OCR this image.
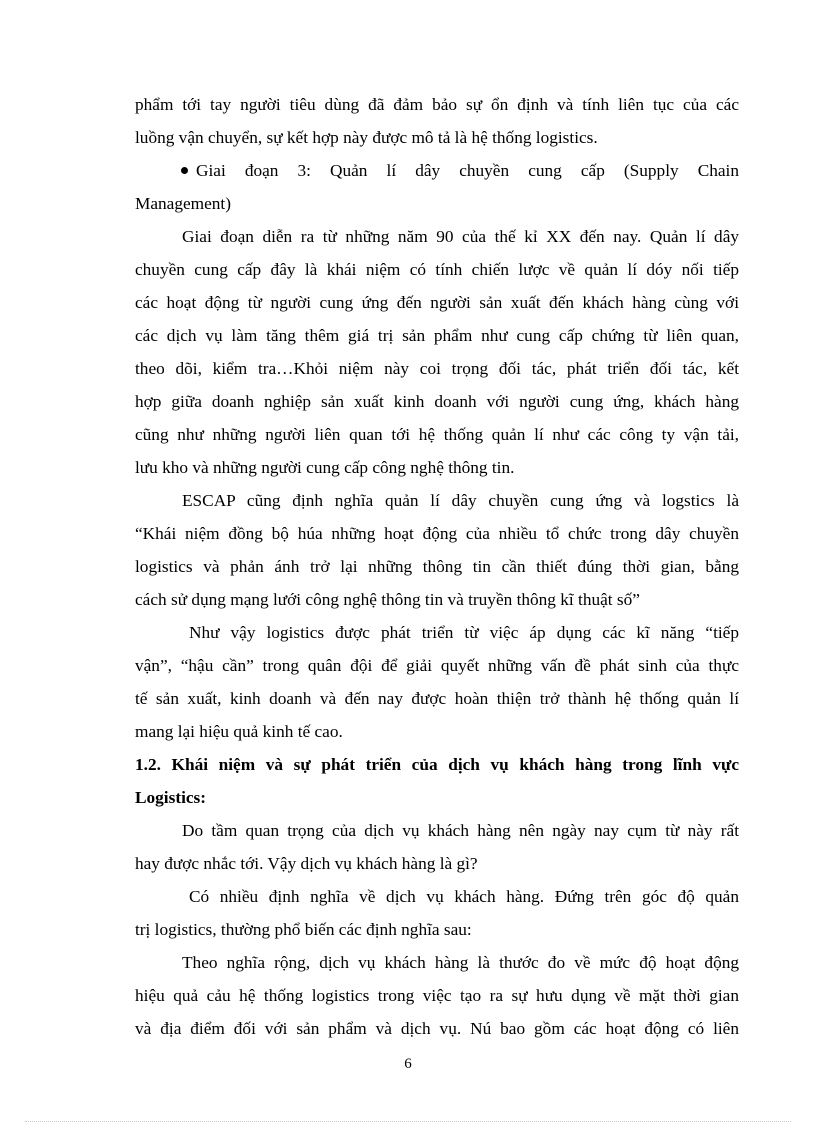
phẩm tới tay người tiêu dùng đã đảm bảo sự ổn định và tính liên tục của các
luồng vận chuyển, sự kết hợp này được mô tả là hệ thống logistics.
Giai đoạn 3: Quản lí dây chuyền cung cấp (Supply Chain
Management)
Giai đoạn diễn ra từ những năm 90 của thế kỉ XX đến nay. Quản lí dây
chuyền cung cấp đây là khái niệm có tính chiến lược về quản lí dóy nối tiếp
các hoạt động từ người cung ứng đến người sản xuất đến khách hàng cùng với
các dịch vụ làm tăng thêm giá trị sản phẩm như cung cấp chứng từ liên quan,
theo dõi, kiểm tra…Khỏi niệm này coi trọng đối tác, phát triển đối tác, kết
hợp giữa doanh nghiệp sản xuất kinh doanh với người cung ứng, khách hàng
cũng như những người liên quan tới hệ thống quản lí như các công ty vận tải,
lưu kho và những người cung cấp công nghệ thông tin.
ESCAP cũng định nghĩa quản lí dây chuyền cung ứng và logstics là
“Khái niệm đồng bộ húa những hoạt động của nhiều tổ chức trong dây chuyền
logistics và phản ánh trở lại những thông tin cần thiết đúng thời gian, bằng
cách sử dụng mạng lưới công nghệ thông tin và truyền thông kĩ thuật số”
Như vậy logistics được phát triển từ việc áp dụng các kĩ năng “tiếp
vận”, “hậu cần” trong quân đội để giải quyết những vấn đề phát sinh của thực
tế sản xuất, kinh doanh và đến nay được hoàn thiện trở thành hệ thống quản lí
mang lại hiệu quả kinh tế cao.
1.2. Khái niệm và sự phát triển của dịch vụ khách hàng trong lĩnh vực
Logistics:
Do tầm quan trọng của dịch vụ khách hàng nên ngày nay cụm từ này rất
hay được nhắc tới. Vậy dịch vụ khách hàng là gì?
Có nhiều định nghĩa về dịch vụ khách hàng. Đứng trên góc độ quản
trị logistics, thường phổ biến các định nghĩa sau:
Theo nghĩa rộng, dịch vụ khách hàng là thước đo về mức độ hoạt động
hiệu quả cảu hệ thống logistics trong việc tạo ra sự hưu dụng về mặt thời gian
và địa điểm đối với sản phẩm và dịch vụ. Nú bao gồm các hoạt động có liên
6
